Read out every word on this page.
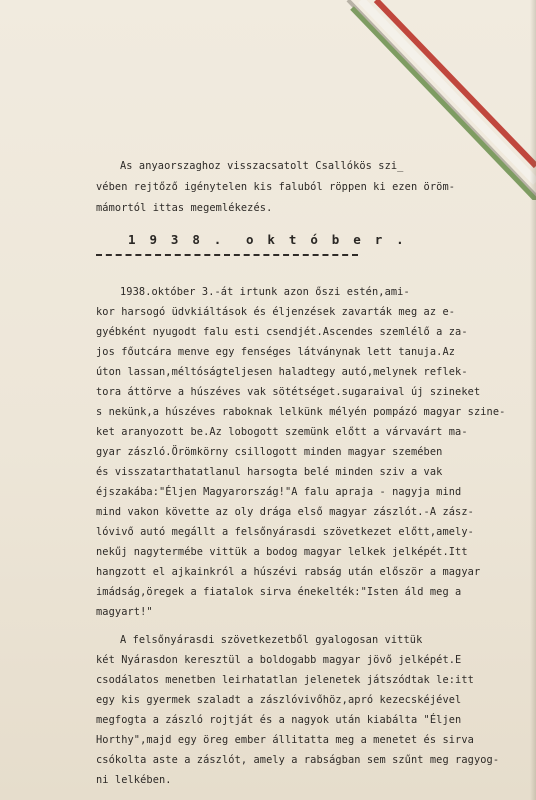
As anyaorszaghoz visszacsatolt Csallókös szi_
vében rejtőző igénytelen kis faluból röppen ki ezen öröm-
mámortól ittas megemlékezés.
1 9 3 8 .  o k t ó b e r .
1938.október 3.-át irtunk azon őszi estén,ami-
kor harsogó üdvkiáltások és éljenzések zavarták meg az e-
gyébként nyugodt falu esti csendjét.Ascendes szemlélő a za-
jos főutcára menve egy fenséges látványnak lett tanuja.Az
úton lassan,méltóságteljesen haladtegy autó,melynek reflek-
tora áttörve a húszéves vak sötétséget.sugaraival új szineket
s nekünk,a húszéves raboknak lelkünk mélyén pompázó magyar szine-
ket aranyozott be.Az lobogott szemünk előtt a várvavárt ma-
gyar zászló.Örömkörny csillogott minden magyar szemében
és visszatarthatatlanul harsogta belé minden sziv a vak
éjszakába:"Éljen Magyarország!"A falu apraja - nagyja mind
mind vakon követte az oly drága első magyar zászlót.-A zász-
lóvivő autó megállt a felsőnyárasdi szövetkezet előtt,amely-
nekűj nagytermébe vittük a bodog magyar lelkek jelképét.Itt
hangzott el ajkainkról a húszévi rabság után először a magyar
imádság,öregek a fiatalok sirva énekelték:"Isten áld meg a
magyart!"
A felsőnyárasdi szövetkezetből gyalogosan vittük
két Nyárasdon keresztül a boldogabb magyar jövő jelképét.E
csodálatos menetben leirhatatlan jelenetek játszódtak le:itt
egy kis gyermek szaladt a zászlóvivőhöz,apró kezecskéjével
megfogta a zászló rojtját és a nagyok után kiabálta "Éljen
Horthy",majd egy öreg ember állitatta meg a menetet és sirva
csókolta aste a zászlót, amely a rabságban sem szűnt meg ragyog-
ni lelkében.
